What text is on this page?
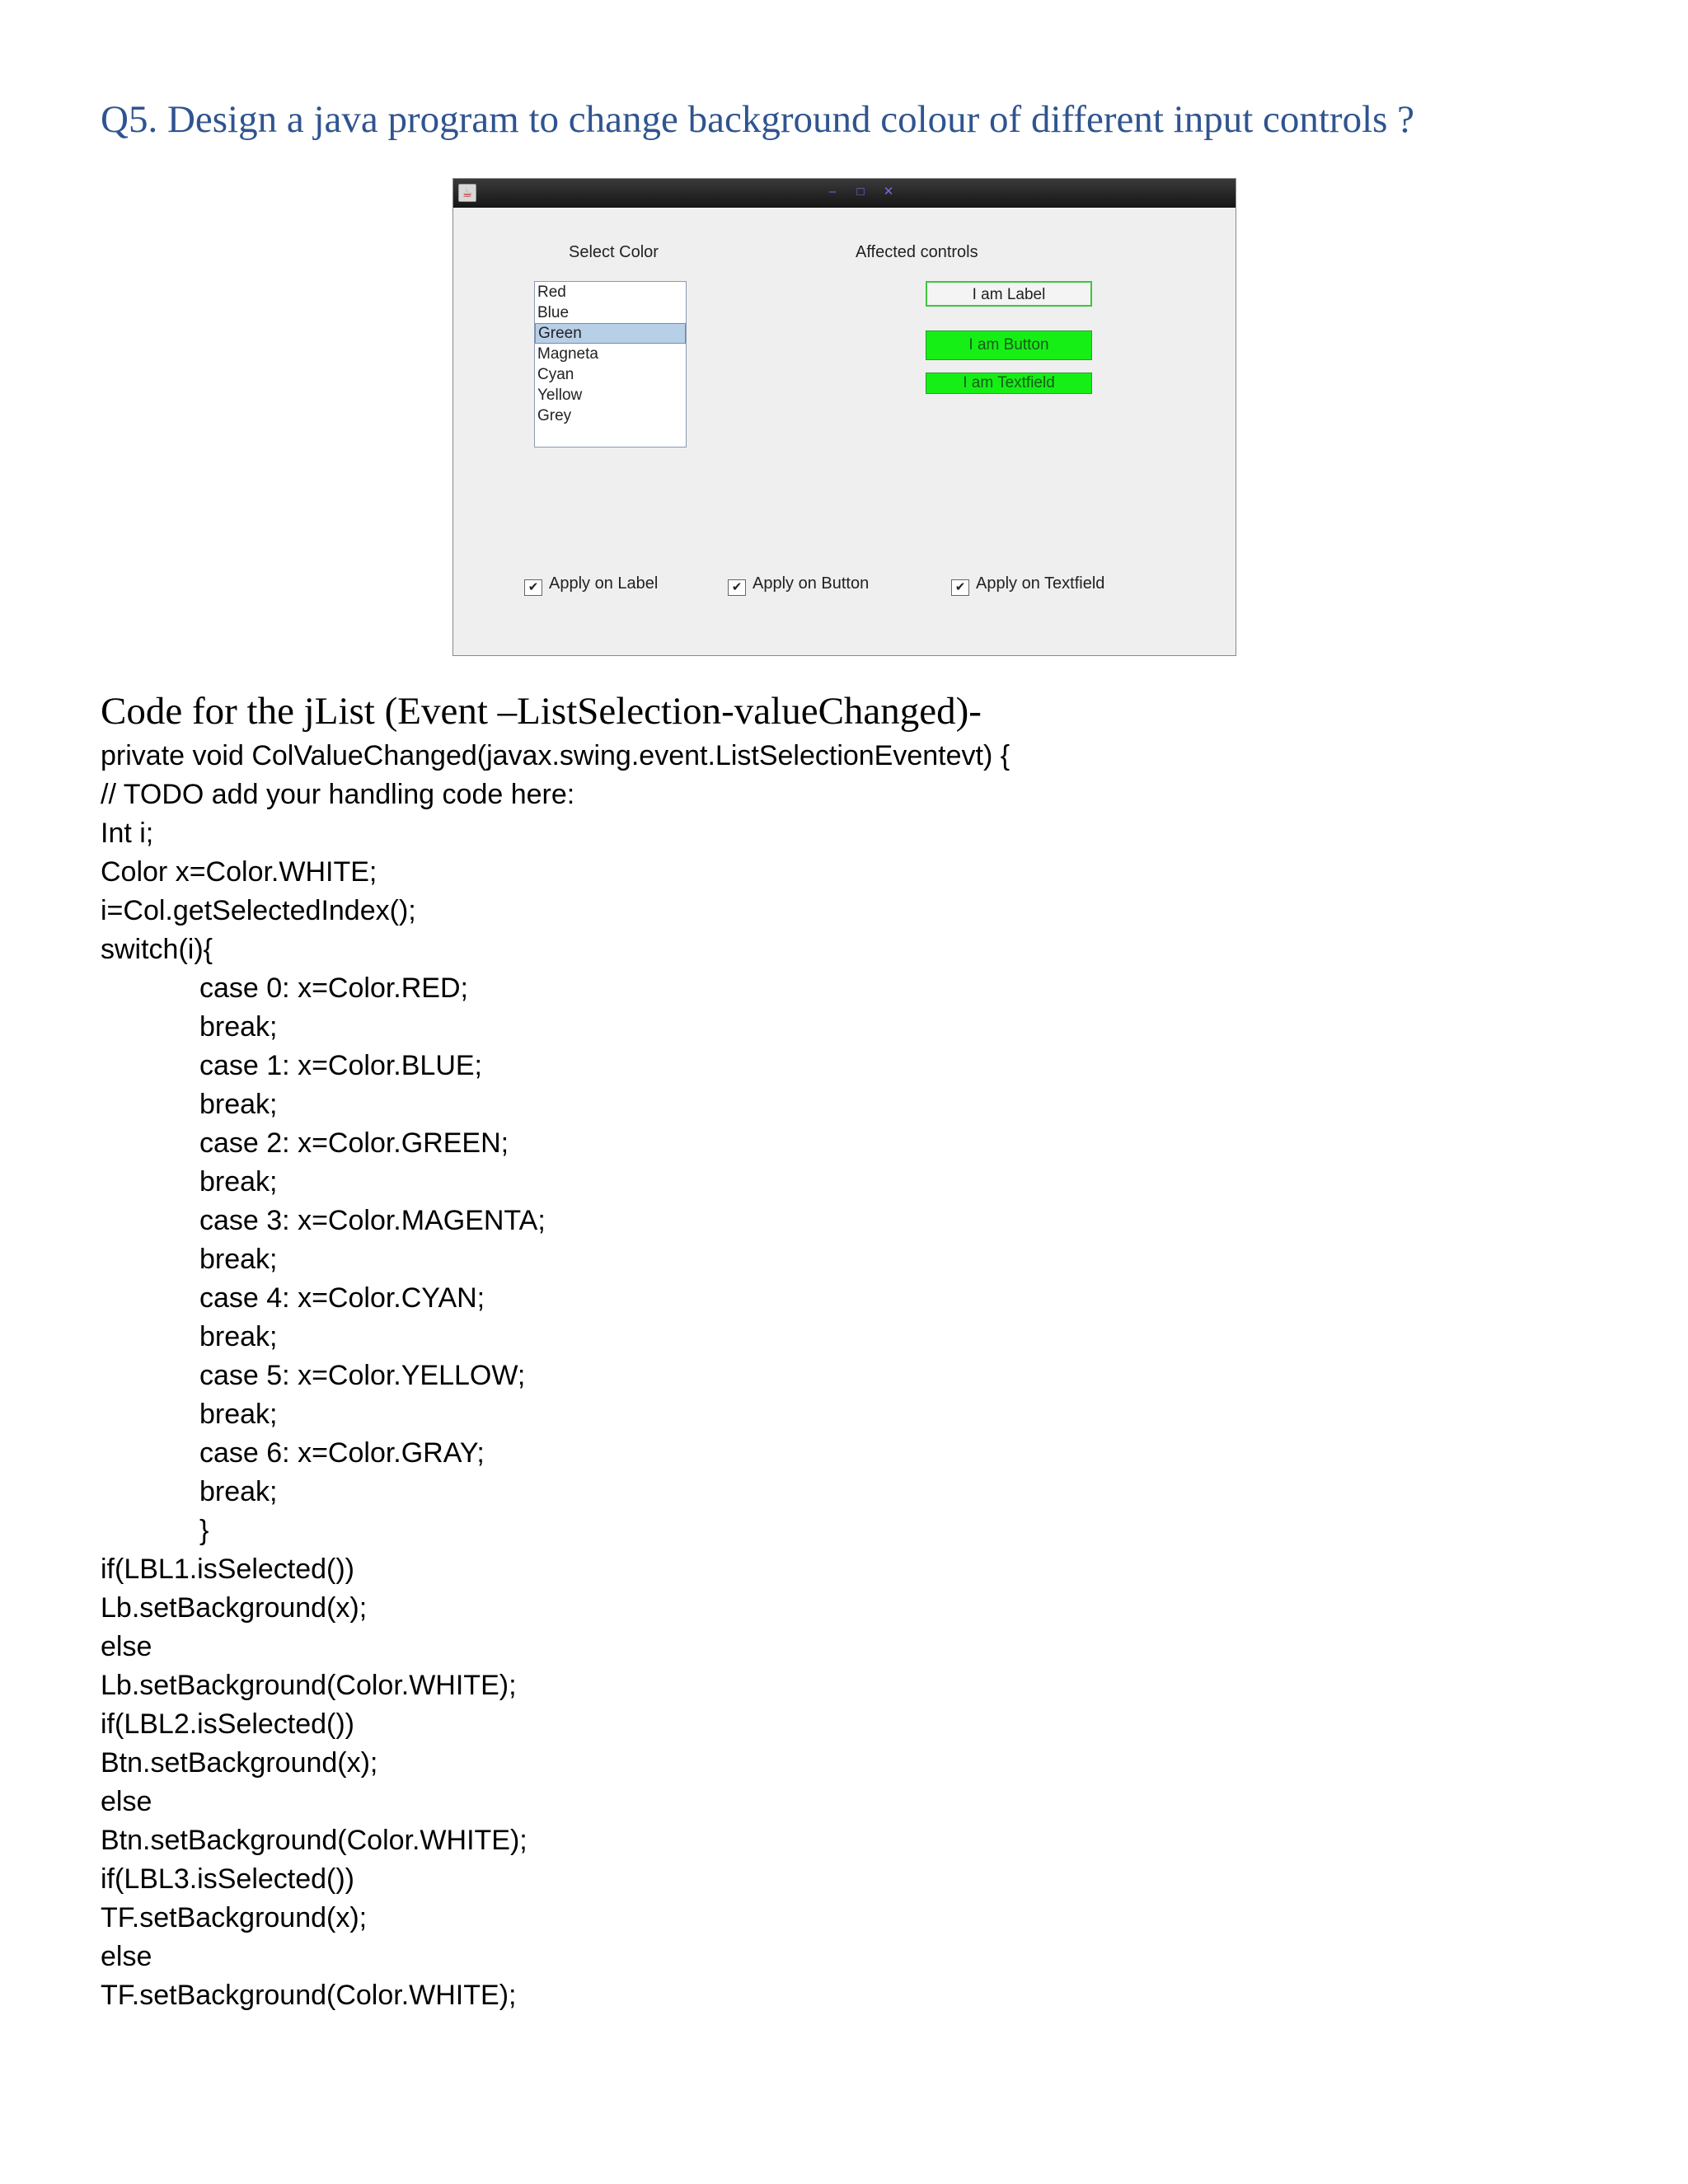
Q5. Design a java program to change background colour of different input controls ?
☕	–	□	✕
Select Color	Affected controls
Red
Blue
Green
Magneta
Cyan
Yellow
Grey
I am Label
I am Button
I am Textfield
✔ Apply on Label	✔ Apply on Button	✔ Apply on Textfield
Code for the jList (Event –ListSelection-valueChanged)-
private void ColValueChanged(javax.swing.event.ListSelectionEventevt) {
// TODO add your handling code here:
Int i;
Color x=Color.WHITE;
i=Col.getSelectedIndex();
switch(i){
case 0: x=Color.RED;
break;
case 1: x=Color.BLUE;
break;
case 2: x=Color.GREEN;
break;
case 3: x=Color.MAGENTA;
break;
case 4: x=Color.CYAN;
break;
case 5: x=Color.YELLOW;
break;
case 6: x=Color.GRAY;
break;
}
if(LBL1.isSelected())
Lb.setBackground(x);
else
Lb.setBackground(Color.WHITE);
if(LBL2.isSelected())
Btn.setBackground(x);
else
Btn.setBackground(Color.WHITE);
if(LBL3.isSelected())
TF.setBackground(x);
else
TF.setBackground(Color.WHITE);
